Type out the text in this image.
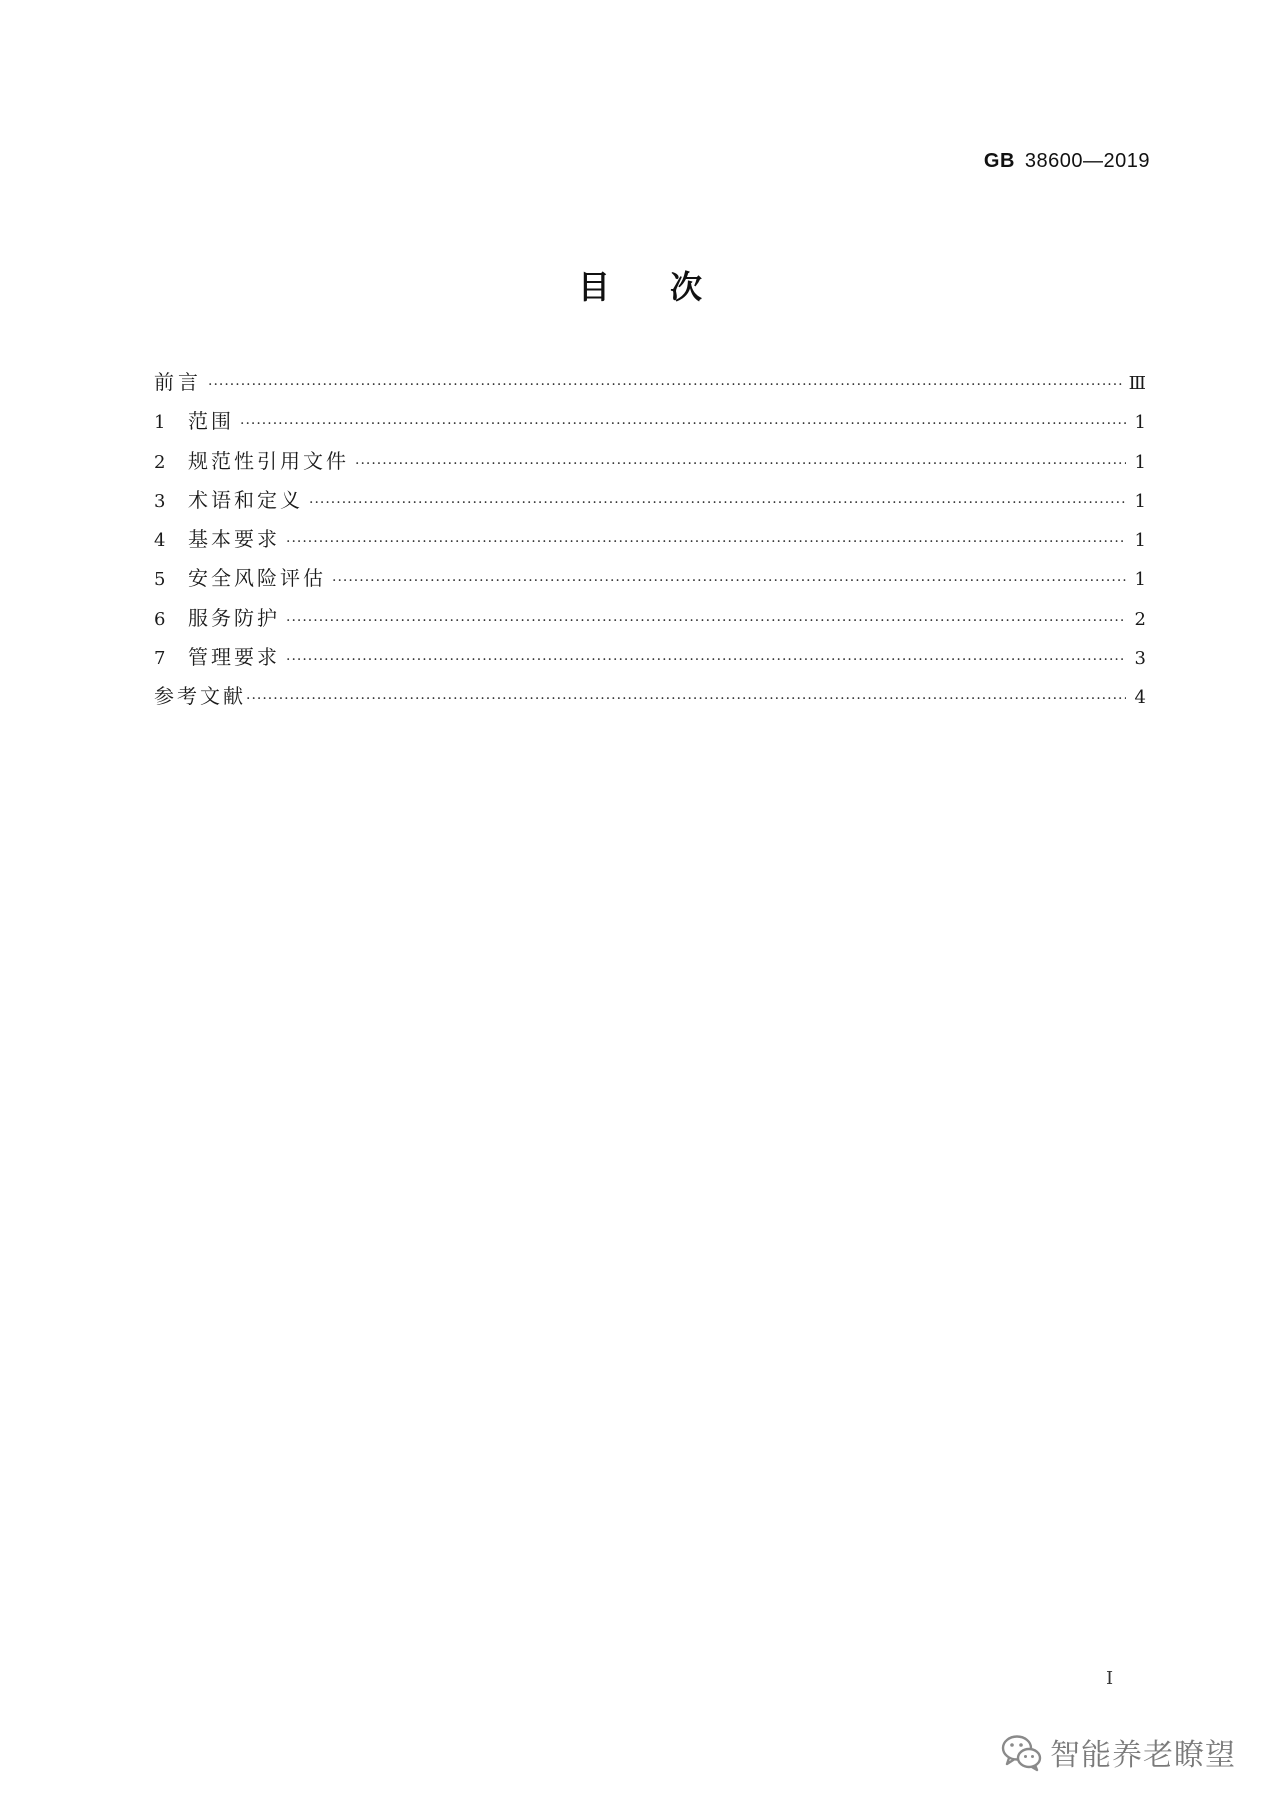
GB 38600—2019
目 次
前言 ·····	Ⅲ
1	范围 ·····	1
2	规范性引用文件 ·····	1
3	术语和定义 ·····	1
4	基本要求 ·····	1
5	安全风险评估 ·····	1
6	服务防护 ·····	2
7	管理要求 ·····	3
参考文献 ·····	4
I
智能养老瞭望
